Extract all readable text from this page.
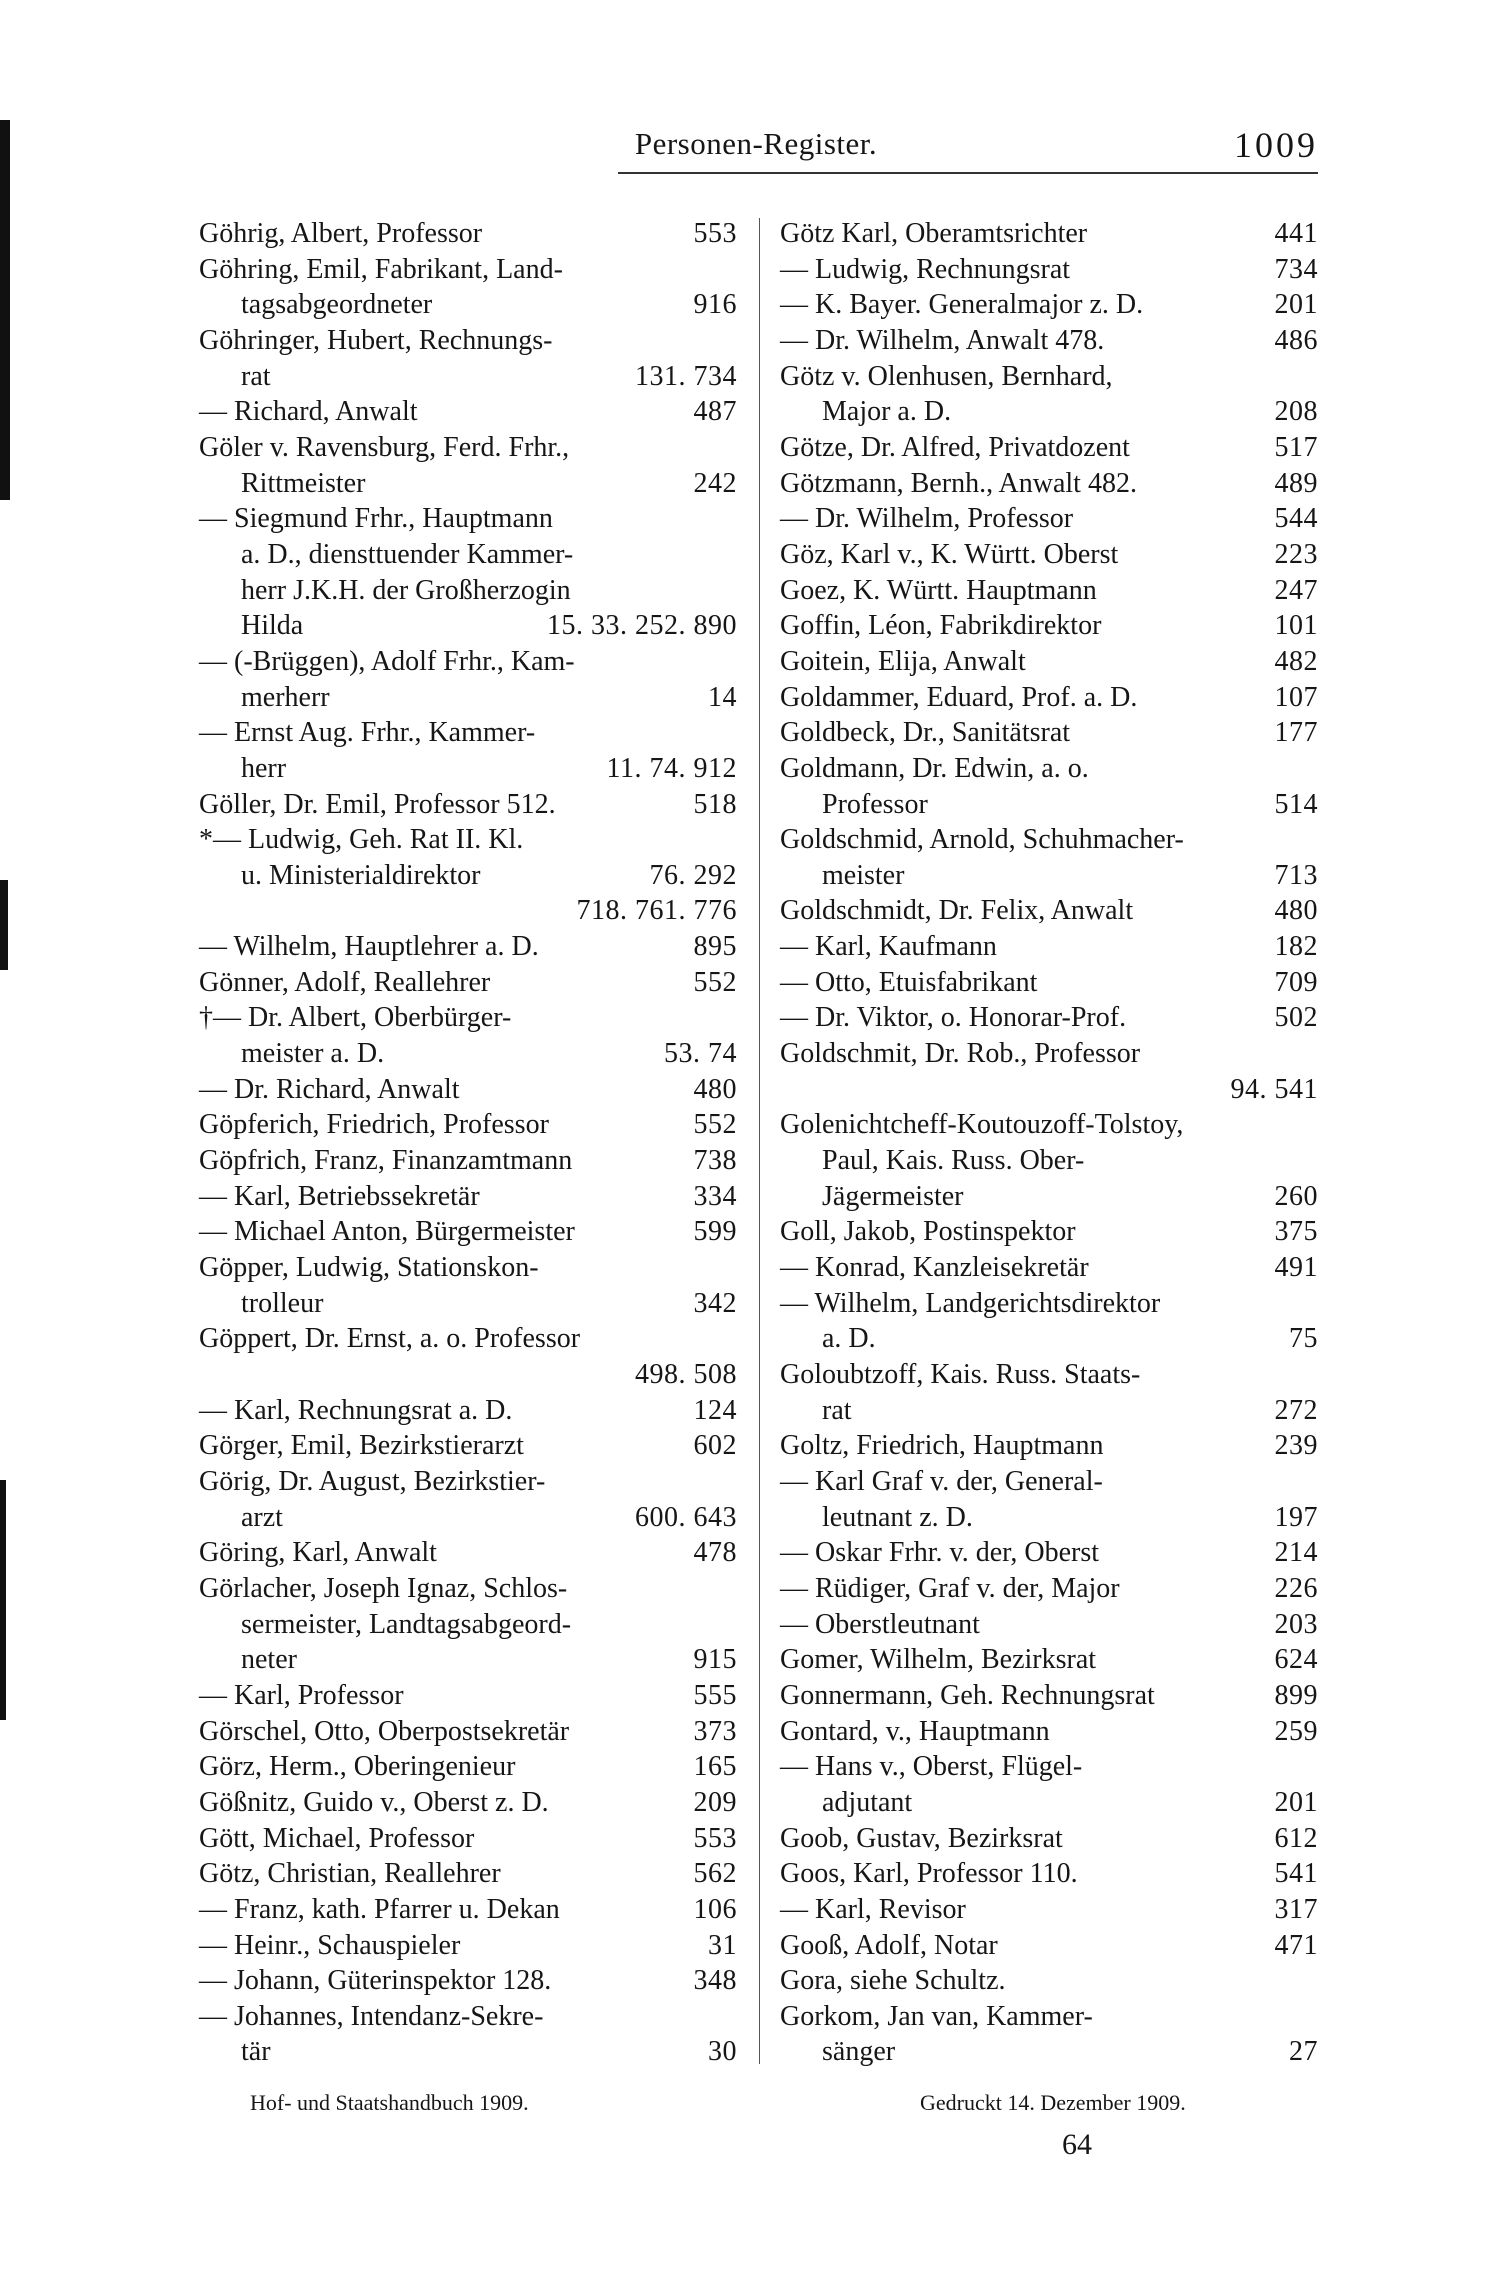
Personen-Register.	1009
Göhrig, Albert, Professor	553
Göhring, Emil, Fabrikant, Land-
tagsabgeordneter	916
Göhringer, Hubert, Rechnungs-
rat	131. 734
— Richard, Anwalt	487
Göler v. Ravensburg, Ferd. Frhr.,
Rittmeister	242
— Siegmund Frhr., Hauptmann
a. D., diensttuender Kammer-
herr J.K.H. der Großherzogin
Hilda	15. 33. 252. 890
— (-Brüggen), Adolf Frhr., Kam-
merherr	14
— Ernst Aug. Frhr., Kammer-
herr	11. 74. 912
Göller, Dr. Emil, Professor 512.	518
*— Ludwig, Geh. Rat II. Kl.
u. Ministerialdirektor	76. 292
718. 761. 776
— Wilhelm, Hauptlehrer a. D.	895
Gönner, Adolf, Reallehrer	552
†— Dr. Albert, Oberbürger-
meister a. D.	53. 74
— Dr. Richard, Anwalt	480
Göpferich, Friedrich, Professor	552
Göpfrich, Franz, Finanzamtmann	738
— Karl, Betriebssekretär	334
— Michael Anton, Bürgermeister	599
Göpper, Ludwig, Stationskon-
trolleur	342
Göppert, Dr. Ernst, a. o. Professor
498. 508
— Karl, Rechnungsrat a. D.	124
Görger, Emil, Bezirkstierarzt	602
Görig, Dr. August, Bezirkstier-
arzt	600. 643
Göring, Karl, Anwalt	478
Görlacher, Joseph Ignaz, Schlos-
sermeister, Landtagsabgeord-
neter	915
— Karl, Professor	555
Görschel, Otto, Oberpostsekretär	373
Görz, Herm., Oberingenieur	165
Gößnitz, Guido v., Oberst z. D.	209
Gött, Michael, Professor	553
Götz, Christian, Reallehrer	562
— Franz, kath. Pfarrer u. Dekan	106
— Heinr., Schauspieler	31
— Johann, Güterinspektor 128.	348
— Johannes, Intendanz-Sekre-
tär	30
Götz Karl, Oberamtsrichter	441
— Ludwig, Rechnungsrat	734
— K. Bayer. Generalmajor z. D.	201
— Dr. Wilhelm, Anwalt 478.	486
Götz v. Olenhusen, Bernhard,
Major a. D.	208
Götze, Dr. Alfred, Privatdozent	517
Götzmann, Bernh., Anwalt 482.	489
— Dr. Wilhelm, Professor	544
Göz, Karl v., K. Württ. Oberst	223
Goez, K. Württ. Hauptmann	247
Goffin, Léon, Fabrikdirektor	101
Goitein, Elija, Anwalt	482
Goldammer, Eduard, Prof. a. D.	107
Goldbeck, Dr., Sanitätsrat	177
Goldmann, Dr. Edwin, a. o.
Professor	514
Goldschmid, Arnold, Schuhmacher-
meister	713
Goldschmidt, Dr. Felix, Anwalt	480
— Karl, Kaufmann	182
— Otto, Etuisfabrikant	709
— Dr. Viktor, o. Honorar-Prof.	502
Goldschmit, Dr. Rob., Professor
94. 541
Golenichtcheff-Koutouzoff-Tolstoy,
Paul, Kais. Russ. Ober-
Jägermeister	260
Goll, Jakob, Postinspektor	375
— Konrad, Kanzleisekretär	491
— Wilhelm, Landgerichtsdirektor
a. D.	75
Goloubtzoff, Kais. Russ. Staats-
rat	272
Goltz, Friedrich, Hauptmann	239
— Karl Graf v. der, General-
leutnant z. D.	197
— Oskar Frhr. v. der, Oberst	214
— Rüdiger, Graf v. der, Major	226
— Oberstleutnant	203
Gomer, Wilhelm, Bezirksrat	624
Gonnermann, Geh. Rechnungsrat	899
Gontard, v., Hauptmann	259
— Hans v., Oberst, Flügel-
adjutant	201
Goob, Gustav, Bezirksrat	612
Goos, Karl, Professor 110.	541
— Karl, Revisor	317
Gooß, Adolf, Notar	471
Gora, siehe Schultz.
Gorkom, Jan van, Kammer-
sänger	27
Hof- und Staatshandbuch 1909.	Gedruckt 14. Dezember 1909.
64
